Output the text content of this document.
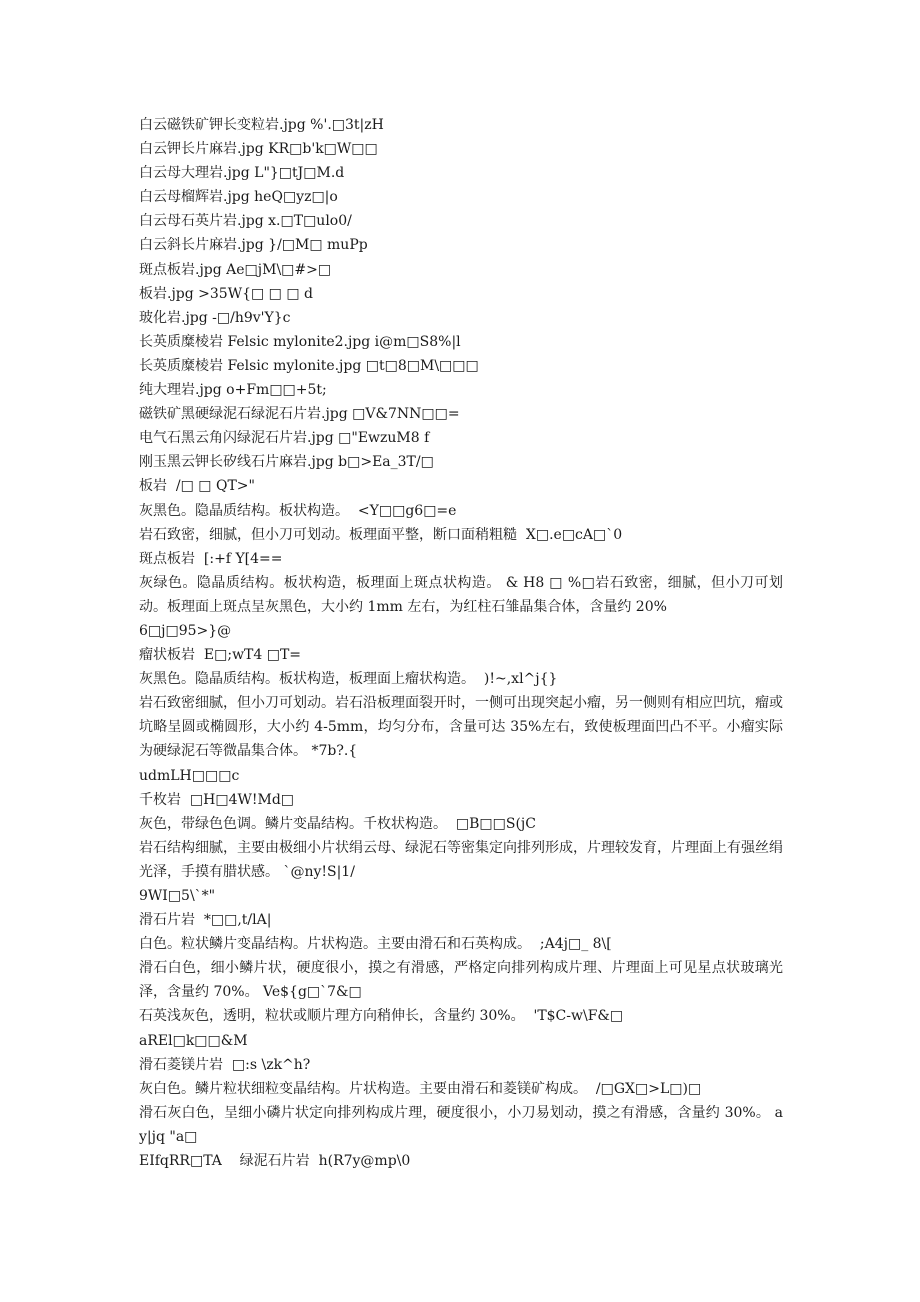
白云磁铁矿钾长变粒岩.jpg %'.□3t|zH
白云钾长片麻岩.jpg KR□b'k□W□□
白云母大理岩.jpg L"}□tJ□M.d
白云母榴辉岩.jpg heQ□yz□|o
白云母石英片岩.jpg x.□T□ulo0/
白云斜长片麻岩.jpg }/□M□ muPp
斑点板岩.jpg Ae□jM\□#>□
板岩.jpg >35W{□ □ □ d
玻化岩.jpg -□/h9v'Y}c
长英质糜棱岩 Felsic mylonite2.jpg i@m□S8%|l
长英质糜棱岩 Felsic mylonite.jpg □t□8□M\□□□
纯大理岩.jpg o+Fm□□+5t;
磁铁矿黑硬绿泥石绿泥石片岩.jpg □V&7NN□□=
电气石黑云角闪绿泥石片岩.jpg □"EwzuM8 f
刚玉黑云钾长矽线石片麻岩.jpg b□>Ea_3T/□
板岩  /□ □ QT>"
灰黑色。隐晶质结构。板状构造。  <Y□□g6□=e
岩石致密，细腻，但小刀可划动。板理面平整，断口面稍粗糙  X□.e□cA□`0
斑点板岩  [:+f Y[4==
灰绿色。隐晶质结构。板状构造，板理面上斑点状构造。 & H8 □ %□岩石致密，细腻，但小刀可划动。板理面上斑点呈灰黑色，大小约 1mm 左右，为红柱石雏晶集合体，含量约 20%
6□j□95>}@
瘤状板岩  E□;wT4 □T=
灰黑色。隐晶质结构。板状构造，板理面上瘤状构造。  )!~,xl^j{}
岩石致密细腻，但小刀可划动。岩石沿板理面裂开时，一侧可出现突起小瘤，另一侧则有相应凹坑，瘤或坑略呈圆或椭圆形，大小约 4-5mm，均匀分布，含量可达 35%左右，致使板理面凹凸不平。小瘤实际为硬绿泥石等微晶集合体。 *7b?.{
udmLH□□□c
千枚岩  □H□4W!Md□
灰色，带绿色色调。鳞片变晶结构。千枚状构造。  □B□□S(jC
岩石结构细腻，主要由极细小片状绢云母、绿泥石等密集定向排列形成，片理较发育，片理面上有强丝绢光泽，手摸有腊状感。 `@ny!S|1/
9WI□5\`*"
滑石片岩  *□□,t/lA|
白色。粒状鳞片变晶结构。片状构造。主要由滑石和石英构成。  ;A4j□_ 8\[
滑石白色，细小鳞片状，硬度很小，摸之有滑感，严格定向排列构成片理、片理面上可见星点状玻璃光泽，含量约 70%。 Ve${g□`7&□
石英浅灰色，透明，粒状或顺片理方向稍伸长，含量约 30%。  'T$C-w\F&□
aREl□k□□&M
滑石菱镁片岩  □:s \zk^h?
灰白色。鳞片粒状细粒变晶结构。片状构造。主要由滑石和菱镁矿构成。  /□GX□>L□)□
滑石灰白色，呈细小磷片状定向排列构成片理，硬度很小，小刀易划动，摸之有滑感，含量约 30%。 ay|jq "a□
EIfqRR□TA    绿泥石片岩  h(R7y@mp\0
